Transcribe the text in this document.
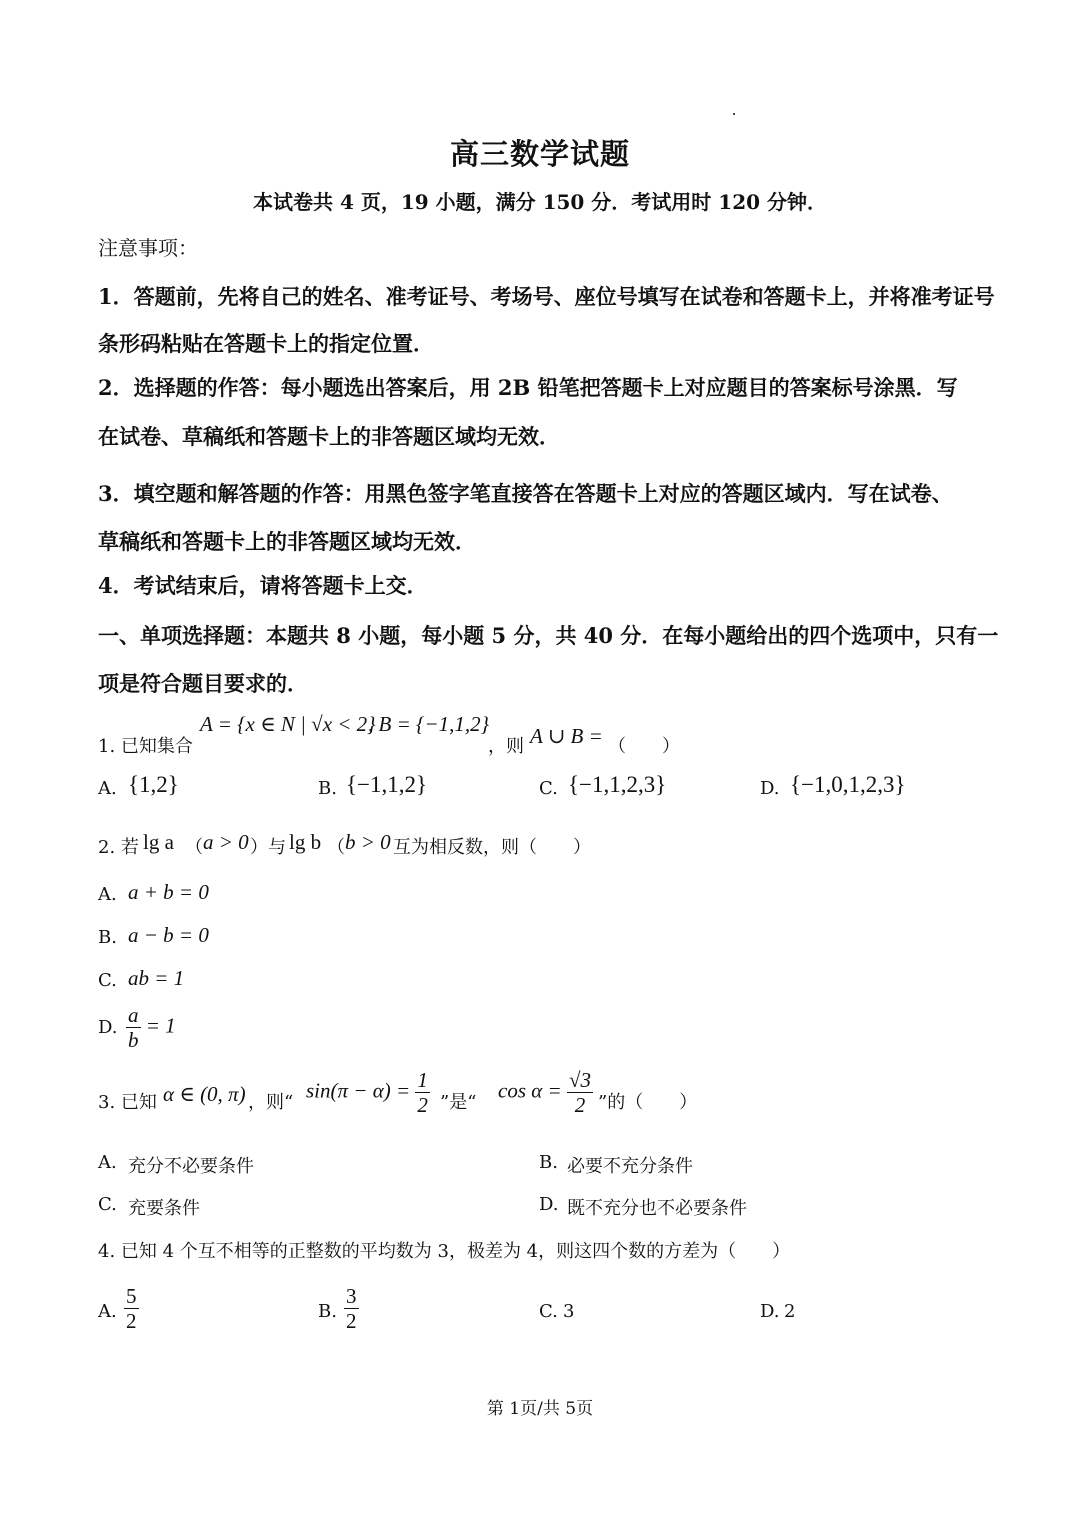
高三数学试题
本试卷共 4 页，19 小题，满分 150 分．考试用时 120 分钟．
注意事项：
1．答题前，先将自己的姓名、准考证号、考场号、座位号填写在试卷和答题卡上，并将准考证号
条形码粘贴在答题卡上的指定位置．
2．选择题的作答：每小题选出答案后，用 2B 铅笔把答题卡上对应题目的答案标号涂黑．写
在试卷、草稿纸和答题卡上的非答题区域均无效．
3．填空题和解答题的作答：用黑色签字笔直接答在答题卡上对应的答题区域内．写在试卷、
草稿纸和答题卡上的非答题区域均无效．
4．考试结束后，请将答题卡上交．
一、单项选择题：本题共 8 小题，每小题 5 分，共 40 分．在每小题给出的四个选项中，只有一
项是符合题目要求的．
1. 已知集合
A = {x ∈ N | √x < 2}
, B = {−1,1,2}
，则 A ∪ B = （　　）
A. {1,2}	B. {−1,1,2}	C. {−1,1,2,3}	D. {−1,0,1,2,3}
2. 若 lg a （ a > 0 ） 与 lg b （ b > 0 互为相反数，则（　　）
A. a + b = 0
B. a − b = 0
C. ab = 1
D. $\frac{a}{b} = 1$
3. 已知 α ∈ (0, π) ，则“
$\sin(\pi - \alpha) = \frac{1}{2}$ ”是“
$\cos \alpha = \frac{√3}{2}$ ”的（　　）
A. 充分不必要条件	B. 必要不充分条件
C. 充要条件	D. 既不充分也不必要条件
4. 已知 4 个互不相等的正整数的平均数为 3，极差为 4，则这四个数的方差为（　　）
A. $\frac{5}{2}$	B. $\frac{3}{2}$	C. 3	D. 2
第 1页/共 5页
